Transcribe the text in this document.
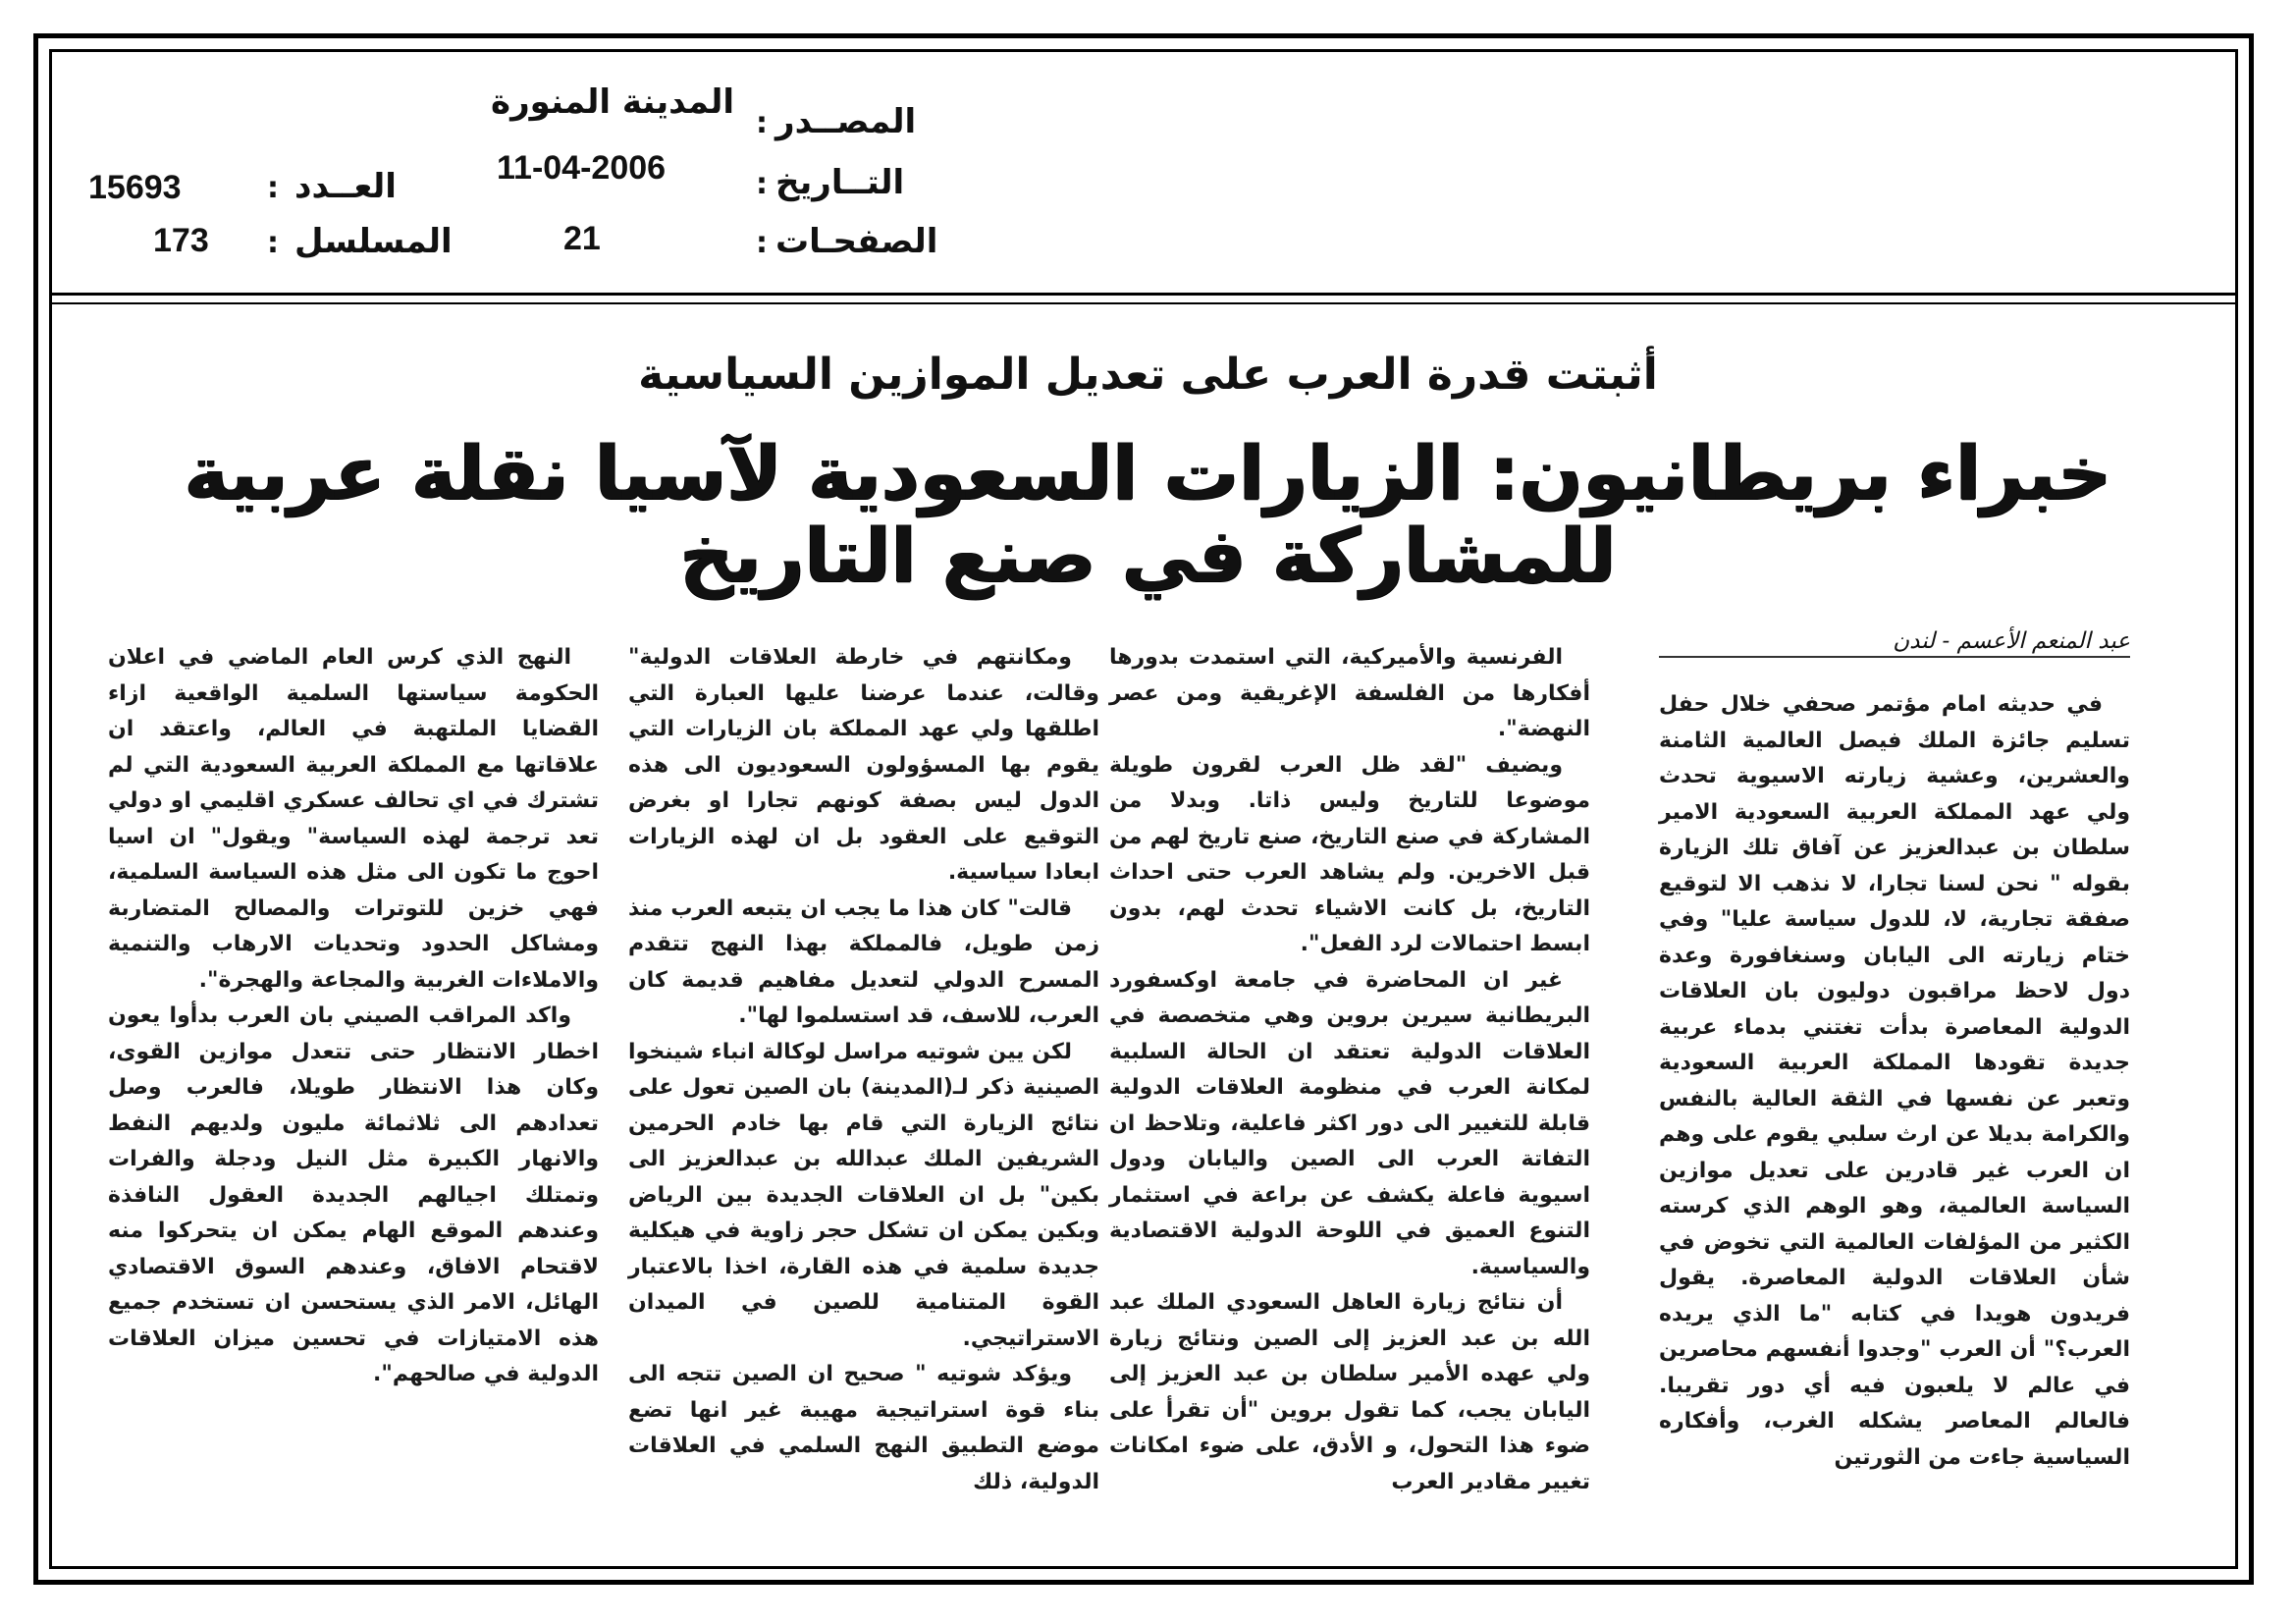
المصــدر
:
المدينة المنورة
التــاريخ
:
11-04-2006
الصفحـات
:
21
العــدد
:
15693
المسلسل
:
173
أثبتت قدرة العرب على تعديل الموازين السياسية
خبراء بريطانيون: الزيارات السعودية لآسيا نقلة عربية للمشاركة في صنع التاريخ
عبد المنعم الأعسم - لندن

في حديثه امام مؤتمر صحفي خلال حفل تسليم جائزة الملك فيصل العالمية الثامنة والعشرين، وعشية زيارته الاسيوية تحدث ولي عهد المملكة العربية السعودية الامير سلطان بن عبدالعزيز عن آفاق تلك الزيارة بقوله " نحن لسنا تجارا، لا نذهب الا لتوقيع صفقة تجارية، لا، للدول سياسة عليا" وفي ختام زيارته الى اليابان وسنغافورة وعدة دول لاحظ مراقبون دوليون بان العلاقات الدولية المعاصرة بدأت تغتني بدماء عربية جديدة تقودها المملكة العربية السعودية وتعبر عن نفسها في الثقة العالية بالنفس والكرامة بديلا عن ارث سلبي يقوم على وهم ان العرب غير قادرين على تعديل موازين السياسة العالمية، وهو الوهم الذي كرسته الكثير من المؤلفات العالمية التي تخوض في شأن العلاقات الدولية المعاصرة. يقول فريدون هويدا في كتابه "ما الذي يريده العرب؟" أن العرب "وجدوا أنفسهم محاصرين في عالم لا يلعبون فيه أي دور تقريبا. فالعالم المعاصر يشكله الغرب، وأفكاره السياسية جاءت من الثورتين

الفرنسية والأميركية، التي استمدت بدورها أفكارها من الفلسفة الإغريقية ومن عصر النهضة".

ويضيف "لقد ظل العرب لقرون طويلة موضوعا للتاريخ وليس ذاتا. وبدلا من المشاركة في صنع التاريخ، صنع تاريخ لهم من قبل الاخرين. ولم يشاهد العرب حتى احداث التاريخ، بل كانت الاشياء تحدث لهم، بدون ابسط احتمالات لرد الفعل".

غير ان المحاضرة في جامعة اوكسفورد البريطانية سيرين بروين وهي متخصصة في العلاقات الدولية تعتقد ان الحالة السلبية لمكانة العرب في منظومة العلاقات الدولية قابلة للتغيير الى دور اكثر فاعلية، وتلاحظ ان التفاتة العرب الى الصين واليابان ودول اسيوية فاعلة يكشف عن براعة في استثمار التنوع العميق في اللوحة الدولية الاقتصادية والسياسية.

أن نتائج زيارة العاهل السعودي الملك عبد الله بن عبد العزيز إلى الصين ونتائج زيارة ولي عهده الأمير سلطان بن عبد العزيز إلى اليابان يجب، كما تقول بروين "أن تقرأ على ضوء هذا التحول، و الأدق، على ضوء امكانات تغيير مقادير العرب

ومكانتهم في خارطة العلاقات الدولية" وقالت، عندما عرضنا عليها العبارة التي اطلقها ولي عهد المملكة بان الزيارات التي يقوم بها المسؤولون السعوديون الى هذه الدول ليس بصفة كونهم تجارا او بغرض التوقيع على العقود بل ان لهذه الزيارات ابعادا سياسية.

قالت" كان هذا ما يجب ان يتبعه العرب منذ زمن طويل، فالمملكة بهذا النهج تتقدم المسرح الدولي لتعديل مفاهيم قديمة كان العرب، للاسف، قد استسلموا لها".

لكن يين شوتيه مراسل لوكالة انباء شينخوا الصينية ذكر لـ(المدينة) بان الصين تعول على نتائج الزيارة التي قام بها خادم الحرمين الشريفين الملك عبدالله بن عبدالعزيز الى بكين" بل ان العلاقات الجديدة بين الرياض وبكين يمكن ان تشكل حجر زاوية في هيكلية جديدة سلمية في هذه القارة، اخذا بالاعتبار القوة المتنامية للصين في الميدان الاستراتيجي.

ويؤكد شوتيه " صحيح ان الصين تتجه الى بناء قوة استراتيجية مهيبة غير انها تضع موضع التطبيق النهج السلمي في العلاقات الدولية، ذلك

النهج الذي كرس العام الماضي في اعلان الحكومة سياستها السلمية الواقعية ازاء القضايا الملتهبة في العالم، واعتقد ان علاقاتها مع المملكة العربية السعودية التي لم تشترك في اي تحالف عسكري اقليمي او دولي تعد ترجمة لهذه السياسة" ويقول" ان اسيا احوج ما تكون الى مثل هذه السياسة السلمية، فهي خزين للتوترات والمصالح المتضاربة ومشاكل الحدود وتحديات الارهاب والتنمية والاملاءات الغربية والمجاعة والهجرة".

واكد المراقب الصيني بان العرب بدأوا يعون اخطار الانتظار حتى تتعدل موازين القوى، وكان هذا الانتظار طويلا، فالعرب وصل تعدادهم الى ثلاثمائة مليون ولديهم النفط والانهار الكبيرة مثل النيل ودجلة والفرات وتمتلك اجيالهم الجديدة العقول النافذة وعندهم الموقع الهام يمكن ان يتحركوا منه لاقتحام الافاق، وعندهم السوق الاقتصادي الهائل، الامر الذي يستحسن ان تستخدم جميع هذه الامتيازات في تحسين ميزان العلاقات الدولية في صالحهم".
